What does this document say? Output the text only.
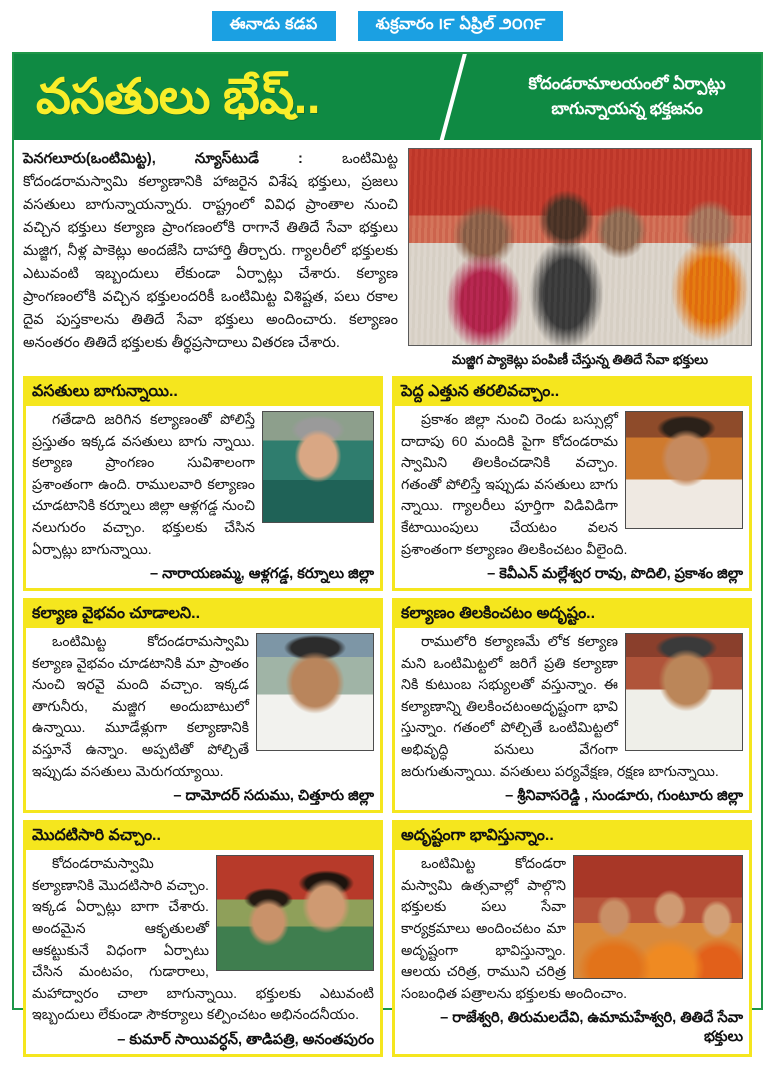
ఈనాడు కడప	శుక్రవారం ౹౯ ఏప్రిల్ ౨౦౧౯
వసతులు భేష్..	కోదండరామాలయంలో ఏర్పాట్లు
బాగున్నాయన్న భక్తజనం
పెనగలూరు(ఒంటిమిట్ట), న్యూస్‌టుడే : ఒంటిమిట్ట కోదండరామస్వామి కల్యాణానికి హాజరైన విశేష భక్తులు, ప్రజలు వసతులు బాగున్నాయన్నారు. రాష్ట్రంలో వివిధ ప్రాంతాల నుంచి వచ్చిన భక్తులు కల్యాణ ప్రాంగణంలోకి రాగానే తితిదే సేవా భక్తులు మజ్జిగ, నీళ్ల పాకెట్లు అందజేసి దాహార్తి తీర్చారు. గ్యాలరీలో భక్తులకు ఎటువంటి ఇబ్బందులు లేకుండా ఏర్పాట్లు చేశారు. కల్యాణ ప్రాంగణంలోకి వచ్చిన భక్తులందరికీ ఒంటిమిట్ట విశిష్టత, పలు రకాల దైవ పుస్తకాలను తితిదే సేవా భక్తులు అందించారు. కల్యాణం అనంతరం తితిదే భక్తులకు తీర్థప్రసాదాలు వితరణ చేశారు.
మజ్జిగ ప్యాకెట్లు పంపిణీ చేస్తున్న తితిదే సేవా భక్తులు
వసతులు బాగున్నాయి..

గతేడాది జరిగిన కల్యాణంతో పోలిస్తే ప్రస్తుతం ఇక్కడ వసతులు బాగు న్నాయి. కల్యాణ ప్రాంగణం సువిశాలంగా ప్రశాంతంగా ఉంది. రాములవారి కల్యాణం చూడటానికి కర్నూలు జిల్లా ఆళ్లగడ్డ నుంచి నలుగురం వచ్చాం. భక్తులకు చేసిన ఏర్పాట్లు బాగున్నాయి.

– నారాయణమ్మ, ఆళ్లగడ్డ, కర్నూలు జిల్లా
పెద్ద ఎత్తున తరలివచ్చాం..

ప్రకాశం జిల్లా నుంచి రెండు బస్సుల్లో దాదాపు 60 మందికి పైగా కోదండరామ స్వామిని తిలకించడానికి వచ్చాం. గతంతో పోలిస్తే ఇప్పుడు వసతులు బాగు న్నాయి. గ్యాలరీలు పూర్తిగా విడివిడిగా కేటాయింపులు చేయటం వలన ప్రశాంతంగా కల్యాణం తిలకించటం వీలైంది.

– కెవీఎన్ మల్లేశ్వర రావు, పొదిలి, ప్రకాశం జిల్లా
కల్యాణ వైభవం చూడాలని..

ఒంటిమిట్ట కోదండరామస్వామి కల్యాణ వైభవం చూడటానికి మా ప్రాంతం నుంచి ఇరవై మంది వచ్చాం. ఇక్కడ తాగునీరు, మజ్జిగ అందుబాటులో ఉన్నాయి. మూడేళ్లుగా కల్యాణానికి వస్తూనే ఉన్నాం. అప్పటితో పోల్చితే ఇప్పుడు వసతులు మెరుగయ్యాయి.

– దామోదర్ సదుము, చిత్తూరు జిల్లా
కల్యాణం తిలకించటం అదృష్టం..

రాములోరి కల్యాణమే లోక కల్యాణ మని ఒంటిమిట్టలో జరిగే ప్రతి కల్యాణా నికి కుటుంబ సభ్యులతో వస్తున్నాం. ఈ కల్యాణాన్ని తిలకించటంఅదృష్టంగా భావి స్తున్నాం. గతంలో పోల్చితే ఒంటిమిట్టలో అభివృద్ధి పనులు వేగంగా జరుగుతున్నాయి. వసతులు పర్యవేక్షణ, రక్షణ బాగున్నాయి.

– శ్రీనివాసరెడ్డి , సుండూరు, గుంటూరు జిల్లా
మొదటిసారి వచ్చాం..

కోదండరామస్వామి కల్యాణానికి మొదటిసారి వచ్చాం. ఇక్కడ ఏర్పాట్లు బాగా చేశారు. అందమైన ఆకృతులతో ఆకట్టుకునే విధంగా ఏర్పాటు చేసిన మంటపం, గుడారాలు, మహాద్వారం చాలా బాగున్నాయి. భక్తులకు ఎటువంటి ఇబ్బందులు లేకుండా సౌకర్యాలు కల్పించటం అభినందనీయం.

– కుమార్ సాయివర్ధన్, తాడిపత్రి, అనంతపురం
అదృష్టంగా భావిస్తున్నాం..

ఒంటిమిట్ట కోదండరా మస్వామి ఉత్సవాల్లో పాల్గొని భక్తులకు పలు సేవా కార్యక్రమాలు అందించటం మా అదృష్టంగా భావిస్తున్నాం. ఆలయ చరిత్ర, రాముని చరిత్ర సంబంధిత పత్రాలను భక్తులకు అందించాం.

– రాజేశ్వరి, తిరుమలదేవి, ఉమామహేశ్వరి, తితిదే సేవా భక్తులు
